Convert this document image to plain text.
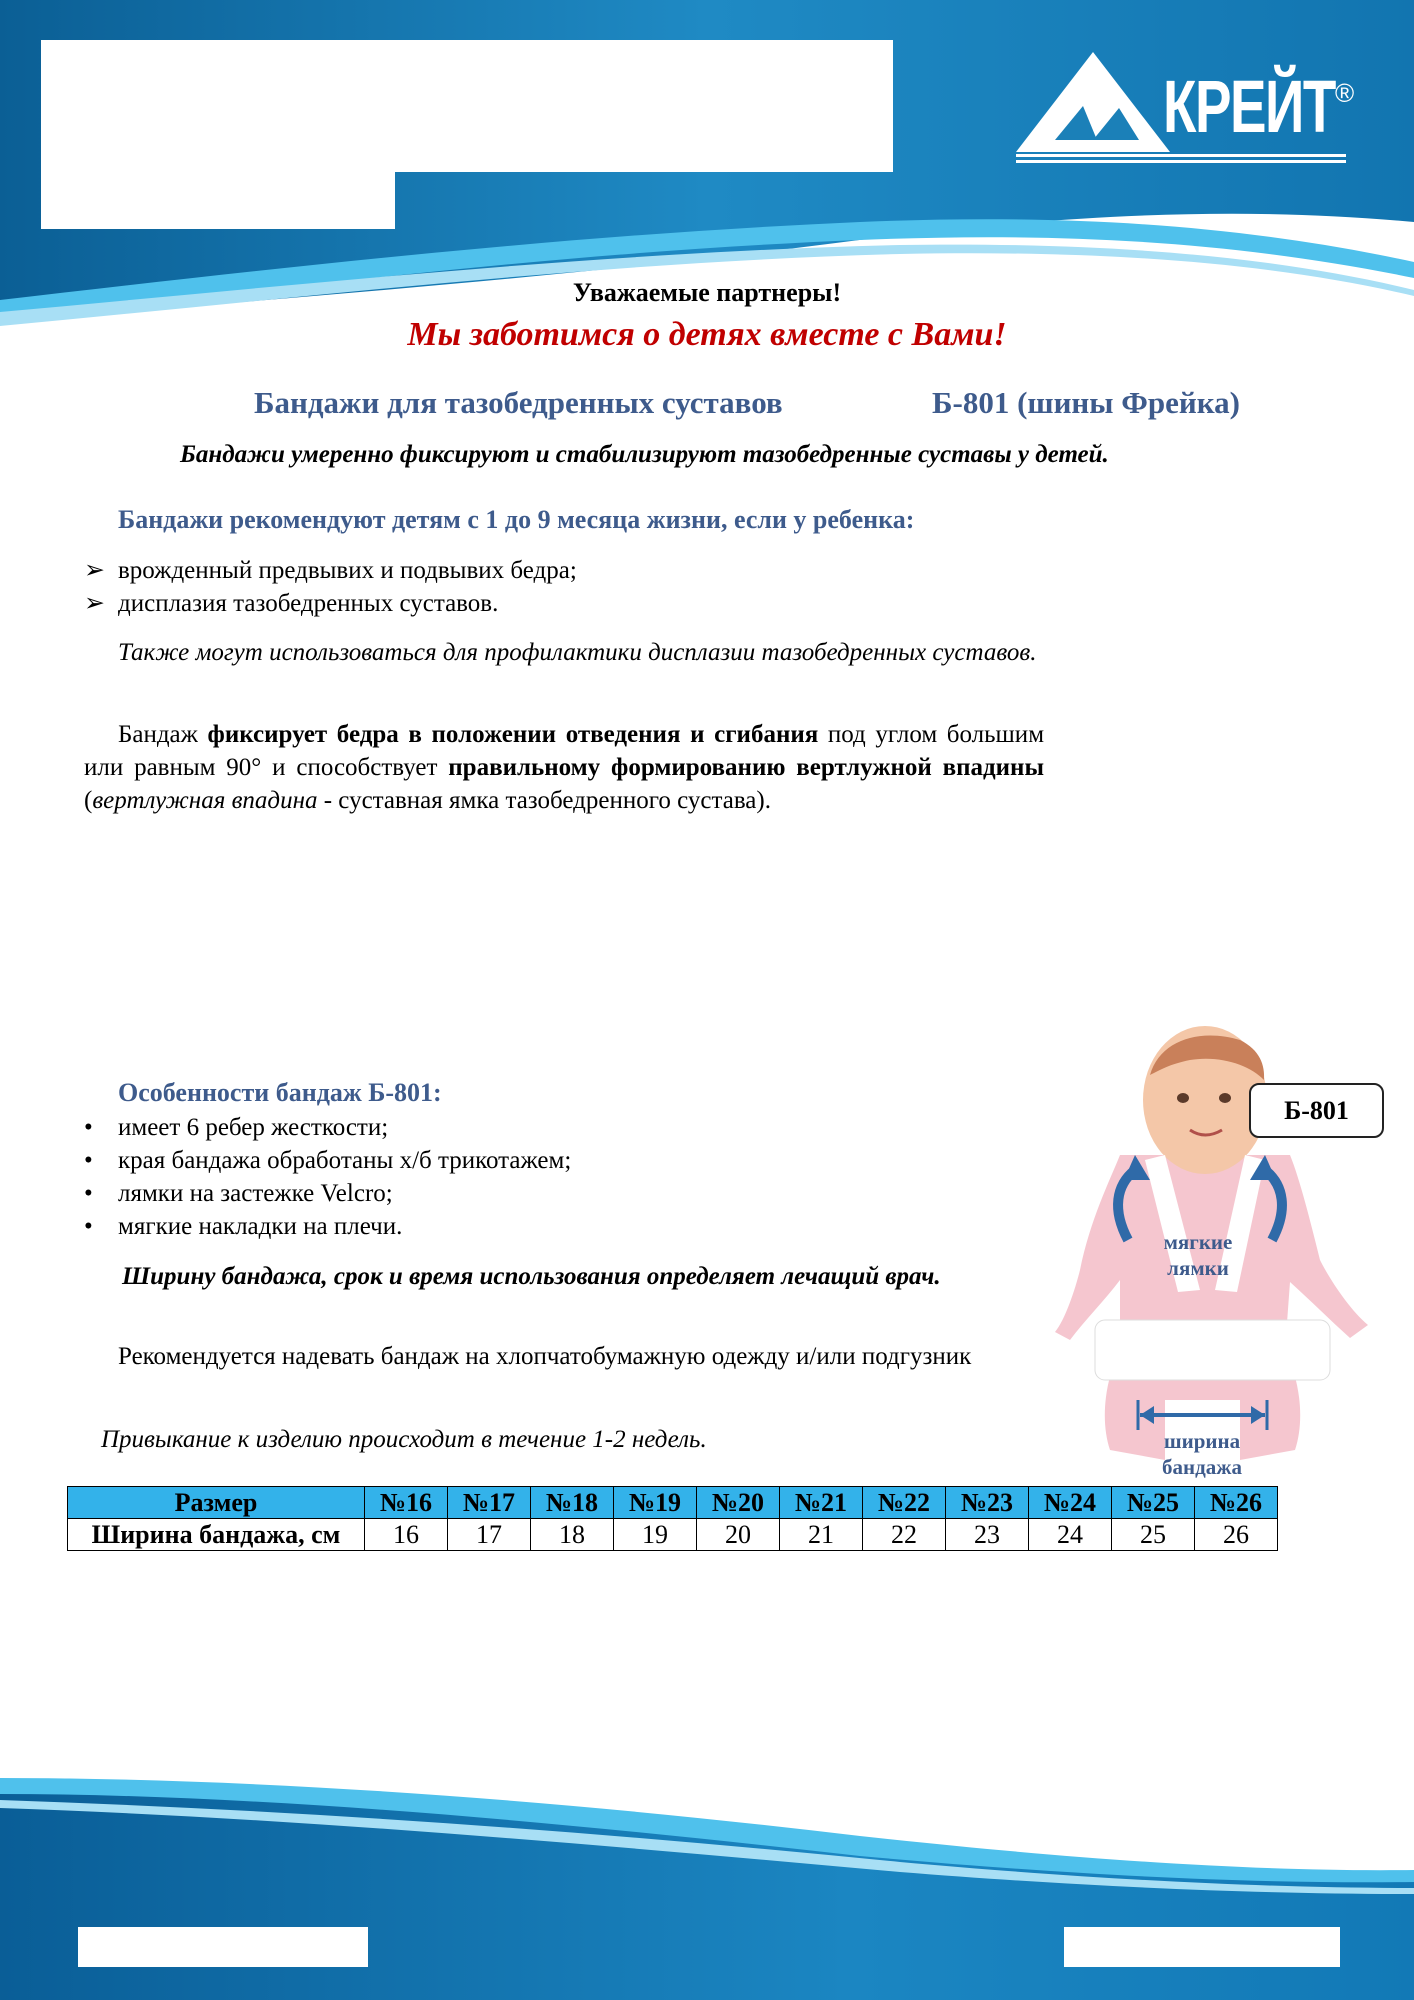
КРЕЙТ ®
Уважаемые партнеры!
Мы заботимся о детях вместе с Вами!
Бандажи для тазобедренных суставов	Б-801 (шины Фрейка)
Бандажи умеренно фиксируют и стабилизируют тазобедренные суставы у детей.
Бандажи рекомендуют детям с 1 до 9 месяца жизни, если у ребенка:
➢ врожденный предвывих и подвывих бедра;
➢ дисплазия тазобедренных суставов.
Также могут использоваться для профилактики дисплазии тазобедренных суставов.
Бандаж фиксирует бедра в положении отведения и сгибания под углом большим или равным 90° и способствует правильному формированию вертлужной впадины (вертлужная впадина - суставная ямка тазобедренного сустава).
Особенности бандаж Б-801:
• имеет 6 ребер жесткости;
• края бандажа обработаны х/б трикотажем;
• лямки на застежке Velcro;
• мягкие накладки на плечи.
Ширину бандажа, срок и время использования определяет лечащий врач.
Рекомендуется надевать бандаж на хлопчатобумажную одежду и/или подгузник
Привыкание к изделию происходит в течение 1-2 недель.
мягкие
лямки
ширина
бандажа
Б-801
Размер	№16	№17	№18	№19	№20	№21	№22	№23	№24	№25	№26
Ширина бандажа, см	16	17	18	19	20	21	22	23	24	25	26
